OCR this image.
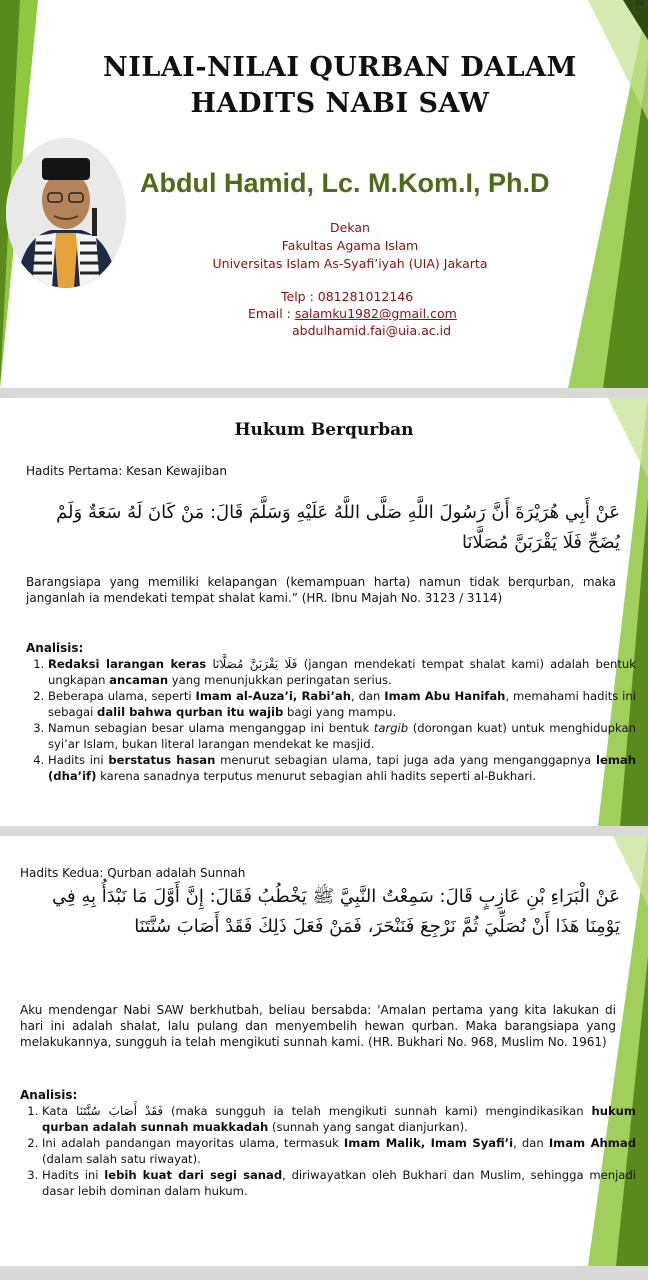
24
NILAI-NILAI QURBAN DALAM
HADITS NABI SAW
Abdul Hamid, Lc. M.Kom.I, Ph.D
Dekan
Fakultas Agama Islam
Universitas Islam As-Syafi’iyah (UIA) Jakarta
Telp : 081281012146
Email : salamku1982@gmail.com
abdulhamid.fai@uia.ac.id
Hukum Berqurban
Hadits Pertama: Kesan Kewajiban
عَنْ أَبِي هُرَيْرَةَ أَنَّ رَسُولَ اللَّهِ صَلَّى اللَّهُ عَلَيْهِ وَسَلَّمَ قَالَ: مَنْ كَانَ لَهُ سَعَةٌ وَلَمْ يُضَحِّ فَلَا يَقْرَبَنَّ مُصَلَّانَا
Barangsiapa yang memiliki kelapangan (kemampuan harta) namun tidak berqurban, maka janganlah ia mendekati tempat shalat kami.” (HR. Ibnu Majah No. 3123 / 3114)
Analisis:
1. Redaksi larangan keras فَلَا يَقْرَبَنَّ مُصَلَّانَا (jangan mendekati tempat shalat kami) adalah bentuk ungkapan ancaman yang menunjukkan peringatan serius.
2. Beberapa ulama, seperti Imam al-Auza’i, Rabi’ah, dan Imam Abu Hanifah, memahami hadits ini sebagai dalil bahwa qurban itu wajib bagi yang mampu.
3. Namun sebagian besar ulama menganggap ini bentuk targib (dorongan kuat) untuk menghidupkan syi’ar Islam, bukan literal larangan mendekat ke masjid.
4. Hadits ini berstatus hasan menurut sebagian ulama, tapi juga ada yang menganggapnya lemah (dha’if) karena sanadnya terputus menurut sebagian ahli hadits seperti al-Bukhari.
Hadits Kedua: Qurban adalah Sunnah
عَنْ الْبَرَاءِ بْنِ عَازِبٍ قَالَ: سَمِعْتُ النَّبِيَّ ﷺ يَخْطُبُ فَقَالَ: إِنَّ أَوَّلَ مَا نَبْدَأُ بِهِ فِي يَوْمِنَا هَذَا أَنْ نُصَلِّيَ ثُمَّ نَرْجِعَ فَنَنْحَرَ، فَمَنْ فَعَلَ ذَلِكَ فَقَدْ أَصَابَ سُنَّتَنَا
Aku mendengar Nabi SAW berkhutbah, beliau bersabda: 'Amalan pertama yang kita lakukan di hari ini adalah shalat, lalu pulang dan menyembelih hewan qurban. Maka barangsiapa yang melakukannya, sungguh ia telah mengikuti sunnah kami. (HR. Bukhari No. 968, Muslim No. 1961)
Analisis:
1. Kata فَقَدْ أَصَابَ سُنَّتَنَا (maka sungguh ia telah mengikuti sunnah kami) mengindikasikan hukum qurban adalah sunnah muakkadah (sunnah yang sangat dianjurkan).
2. Ini adalah pandangan mayoritas ulama, termasuk Imam Malik, Imam Syafi’i, dan Imam Ahmad (dalam salah satu riwayat).
3. Hadits ini lebih kuat dari segi sanad, diriwayatkan oleh Bukhari dan Muslim, sehingga menjadi dasar lebih dominan dalam hukum.
